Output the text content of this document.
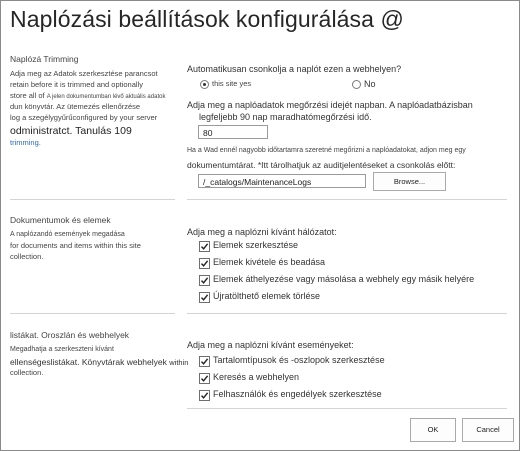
Naplózási beállítások konfigurálása @
Naplózá Trimming
Adja meg az Adatok szerkesztése parancsot
retain before it is trimmed and optionally
store all of A jelen dokumentumban lévő aktuális adatok
dun könyvtár. Az ütemezés ellenőrzése
log a szegélygyűrűconfigured by your server
odministratct. Tanulás 109
trimming.
Automatikusan csonkolja a naplót ezen a webhelyen?
this site yes	No
Adja meg a naplóadatok megőrzési idejét napban. A naplóadatbázisban
legfeljebb 90 nap maradhatómegőrzési idő.
80
Ha a Wad ennél nagyobb időtartamra szeretné megőrizni a naplóadatokat, adjon meg egy
dokumentumtárat. *Itt tárolhatjuk az auditjelentéseket a csonkolás előtt:
/_catalogs/MaintenanceLogs	Browse...
Dokumentumok és elemek
A naplózandó események megadása
for documents and items within this site
collection.
Adja meg a naplózni kívánt hálózatot:
Elemek szerkesztése
Elemek kivétele és beadása
Elemek áthelyezése vagy másolása a webhely egy másik helyére
Újratölthető elemek törlése
listákat. Oroszlán és webhelyek
Megadhatja a szerkeszteni kívánt
ellenségeslistákat. Könyvtárak webhelyek within
collection.
Adja meg a naplózni kívánt eseményeket:
Tartalomtípusok és -oszlopok szerkesztése
Keresés a webhelyen
Felhasználók és engedélyek szerkesztése
OK	Cancel
